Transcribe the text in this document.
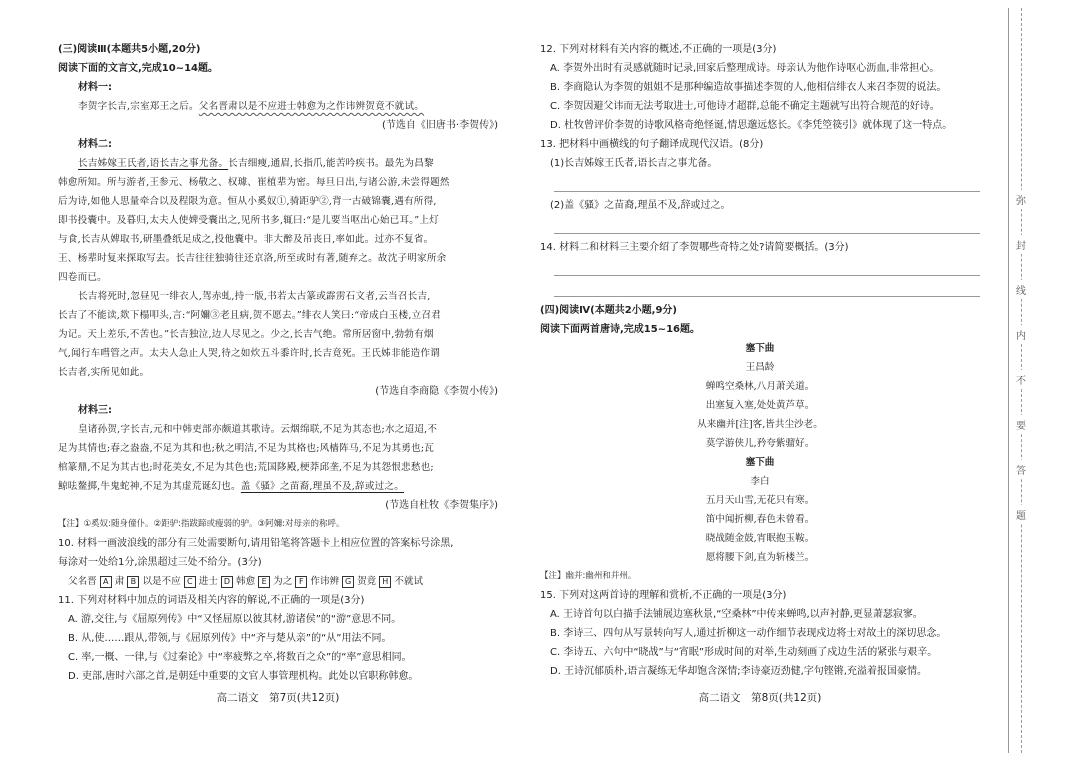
(三)阅读Ⅲ(本题共5小题,20分)
阅读下面的文言文,完成10~14题。
材料一:
李贺字长吉,宗室郑王之后。父名晋肃以是不应进士韩愈为之作讳辨贺竟不就试。
(节选自《旧唐书·李贺传》)
材料二:
长吉姊嫁王氏者,语长吉之事尤备。长吉细瘦,通眉,长指爪,能苦吟疾书。最先为昌黎
韩愈所知。所与游者,王参元、杨敬之、权璩、崔植辈为密。每旦日出,与诸公游,未尝得题然
后为诗,如他人思量牵合以及程限为意。恒从小奚奴①,骑距驴②,背一古破锦囊,遇有所得,
即书投囊中。及暮归,太夫人使婢受囊出之,见所书多,辄曰:“是儿要当呕出心始已耳。”上灯
与食,长吉从婢取书,研墨叠纸足成之,投他囊中。非大醉及吊丧日,率如此。过亦不复省。
王、杨辈时复来探取写去。长吉往往独骑往还京洛,所至或时有著,随弃之。故沈子明家所余
四卷而已。
长吉将死时,忽昼见一绯衣人,驾赤虬,持一版,书若太古篆或霹雳石文者,云当召长吉,
长吉了不能读,欻下榻叩头,言:“阿嬭③老且病,贺不愿去。”绯衣人笑曰:“帝成白玉楼,立召君
为记。天上差乐,不苦也。”长吉独泣,边人尽见之。少之,长吉气绝。常所居窗中,勃勃有烟
气,闻行车嘒管之声。太夫人急止人哭,待之如炊五斗黍许时,长吉竟死。王氏姊非能造作谓
长吉者,实所见如此。
(节选自李商隐《李贺小传》)
材料三:
皇诸孙贺,字长吉,元和中韩吏部亦颇道其歌诗。云烟绵联,不足为其态也;水之迢迢,不
足为其情也;春之盎盎,不足为其和也;秋之明洁,不足为其格也;风樯阵马,不足为其勇也;瓦
棺篆鼎,不足为其古也;时花美女,不足为其色也;荒国陊殿,梗莽邱垄,不足为其怨恨悲愁也;
鲸呿鳌掷,牛鬼蛇神,不足为其虚荒诞幻也。盖《骚》之苗裔,理虽不及,辞或过之。
(节选自杜牧《李贺集序》)
【注】①奚奴:随身僮仆。②距驴:指跋蹄或瘦弱的驴。③阿嬭:对母亲的称呼。
10. 材料一画波浪线的部分有三处需要断句,请用铅笔将答题卡上相应位置的答案标号涂黑,
每涂对一处给1分,涂黑超过三处不给分。(3分)
父名晋 A 肃 B 以是不应 C 进士 D 韩愈 E 为之 F 作讳辨 G 贺竟 H 不就试
11. 下列对材料中加点的词语及相关内容的解说,不正确的一项是(3分)
A. 游,交往,与《屈原列传》中“又怪屈原以彼其材,游诸侯”的“游”意思不同。
B. 从,使……跟从,带领,与《屈原列传》中“齐与楚从亲”的“从”用法不同。
C. 率,一概、一律,与《过秦论》中“率疲弊之卒,将数百之众”的“率”意思相同。
D. 吏部,唐时六部之首,是朝廷中重要的文官人事管理机构。此处以官职称韩愈。
高二语文　第7页(共12页)
12. 下列对材料有关内容的概述,不正确的一项是(3分)
A. 李贺外出时有灵感就随时记录,回家后整理成诗。母亲认为他作诗呕心沥血,非常担心。
B. 李商隐认为李贺的姐姐不是那种编造故事描述李贺的人,他相信绯衣人来召李贺的说法。
C. 李贺因避父讳而无法考取进士,可他诗才超群,总能不确定主题就写出符合规范的好诗。
D. 杜牧曾评价李贺的诗歌风格奇绝怪诞,情思邈远悠长。《李凭箜篌引》就体现了这一特点。
13. 把材料中画横线的句子翻译成现代汉语。(8分)
(1)长吉姊嫁王氏者,语长吉之事尤备。
(2)盖《骚》之苗裔,理虽不及,辞或过之。
14. 材料二和材料三主要介绍了李贺哪些奇特之处?请简要概括。(3分)
(四)阅读Ⅳ(本题共2小题,9分)
阅读下面两首唐诗,完成15~16题。
塞下曲
王昌龄
蝉鸣空桑林,八月萧关道。
出塞复入塞,处处黄芦草。
从来幽并[注]客,皆共尘沙老。
莫学游侠儿,矜夸紫骝好。
塞下曲
李白
五月天山雪,无花只有寒。
笛中闻折柳,春色未曾看。
晓战随金鼓,宵眠抱玉鞍。
愿将腰下剑,直为斩楼兰。
【注】幽并:幽州和并州。
15. 下列对这两首诗的理解和赏析,不正确的一项是(3分)
A. 王诗首句以白描手法铺展边塞秋景,“空桑林”中传来蝉鸣,以声衬静,更显萧瑟寂寥。
B. 李诗三、四句从写景转向写人,通过折柳这一动作细节表现戍边将士对故土的深切思念。
C. 李诗五、六句中“晓战”与“宵眠”形成时间的对举,生动刻画了戍边生活的紧张与艰辛。
D. 王诗沉郁质朴,语言凝练无华却饱含深情;李诗豪迈劲健,字句铿锵,充溢着报国豪情。
高二语文　第8页(共12页)
弥
封
线
内
不
要
答
题
